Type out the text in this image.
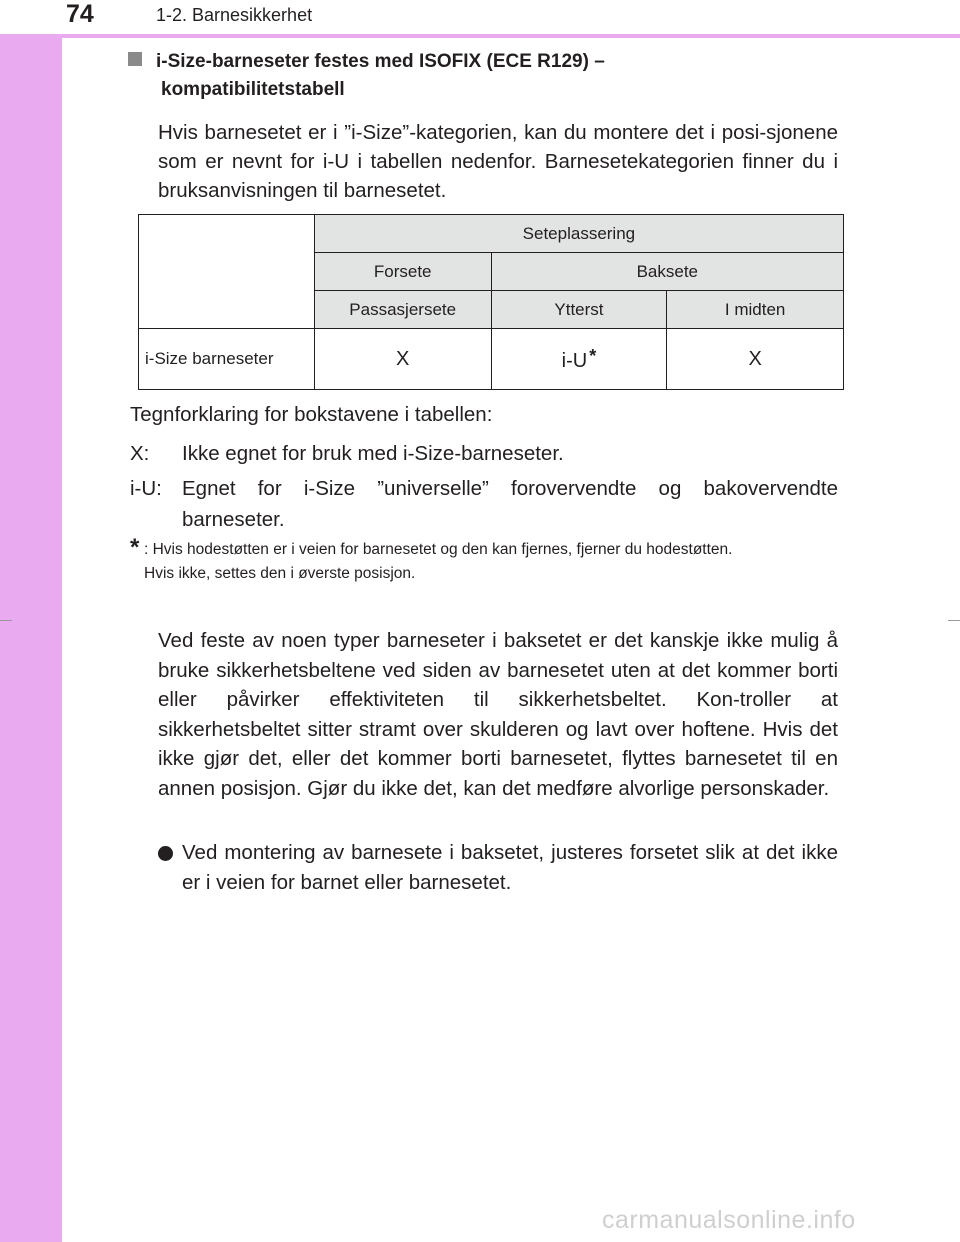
74	1-2. Barnesikkerhet
i-Size-barneseter festes med ISOFIX (ECE R129) –
kompatibilitetstabell
Hvis barnesetet er i ”i-Size”-kategorien, kan du montere det i posi-sjonene som er nevnt for i-U i tabellen nedenfor. Barnesetekategorien finner du i bruksanvisningen til barnesetet.
	Seteplassering		
	Forsete	Baksete	
	Passasjersete	Ytterst	I midten
i-Size barneseter	X	i-U *	X
Tegnforklaring for bokstavene i tabellen:
X: Ikke egnet for bruk med i-Size-barneseter.
i-U: Egnet for i-Size ”universelle” forovervendte og bakovervendte barneseter.
* : Hvis hodestøtten er i veien for barnesetet og den kan fjernes, fjerner du hodestøtten.
Hvis ikke, settes den i øverste posisjon.
Ved feste av noen typer barneseter i baksetet er det kanskje ikke mulig å bruke sikkerhetsbeltene ved siden av barnesetet uten at det kommer borti eller påvirker effektiviteten til sikkerhetsbeltet. Kon-troller at sikkerhetsbeltet sitter stramt over skulderen og lavt over hoftene. Hvis det ikke gjør det, eller det kommer borti barnesetet, flyttes barnesetet til en annen posisjon. Gjør du ikke det, kan det medføre alvorlige personskader.
Ved montering av barnesete i baksetet, justeres forsetet slik at det ikke er i veien for barnet eller barnesetet.
carmanualsonline.info
